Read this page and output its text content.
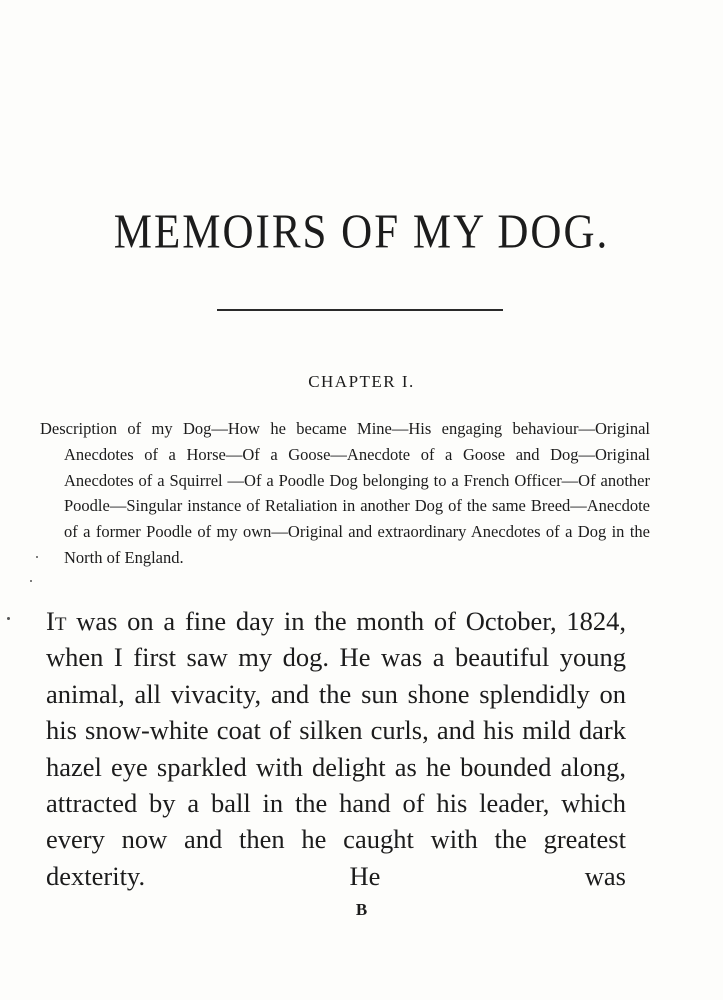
MEMOIRS OF MY DOG.
CHAPTER I.
Description of my Dog—How he became Mine—His engaging behaviour—Original Anecdotes of a Horse—Of a Goose—Anecdote of a Goose and Dog—Original Anecdotes of a Squirrel —Of a Poodle Dog belonging to a French Officer—Of another Poodle—Singular instance of Retaliation in another Dog of the same Breed—Anecdote of a former Poodle of my own—Original and extraordinary Anecdotes of a Dog in the North of England.
It was on a fine day in the month of October, 1824, when I first saw my dog. He was a beautiful young animal, all vivacity, and the sun shone splendidly on his snow-white coat of silken curls, and his mild dark hazel eye sparkled with delight as he bounded along, attracted by a ball in the hand of his leader, which every now and then he caught with the greatest dexterity. He was
B
